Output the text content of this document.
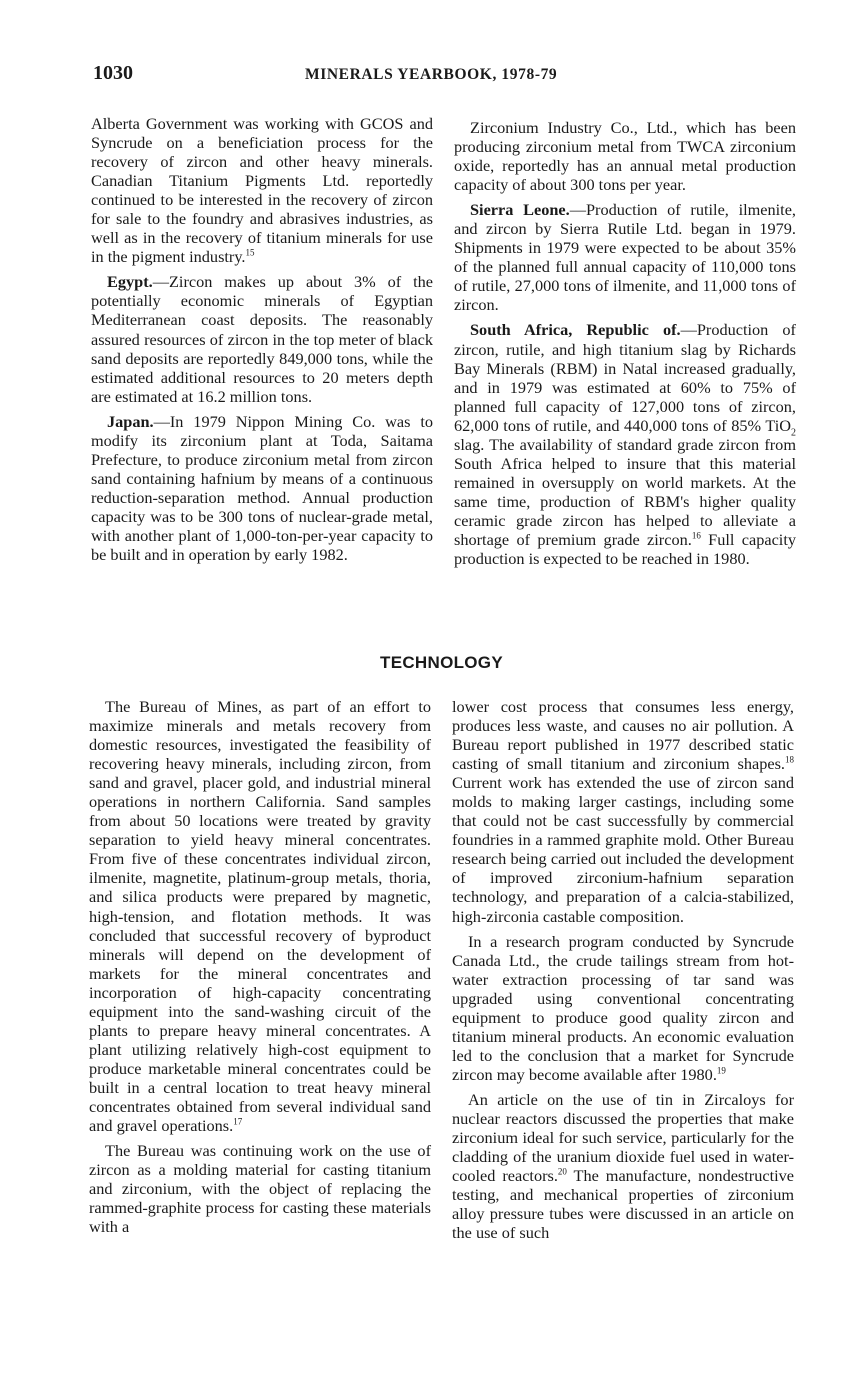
1030	MINERALS YEARBOOK, 1978-79

Alberta Government was working with GCOS and Syncrude on a beneficiation process for the recovery of zircon and other heavy minerals. Canadian Titanium Pigments Ltd. reportedly continued to be interested in the recovery of zircon for sale to the foundry and abrasives industries, as well as in the recovery of titanium minerals for use in the pigment industry.$^{15}$

Egypt.—Zircon makes up about 3% of the potentially economic minerals of Egyptian Mediterranean coast deposits. The reasonably assured resources of zircon in the top meter of black sand deposits are reportedly 849,000 tons, while the estimated additional resources to 20 meters depth are estimated at 16.2 million tons.

Japan.—In 1979 Nippon Mining Co. was to modify its zirconium plant at Toda, Saitama Prefecture, to produce zirconium metal from zircon sand containing hafnium by means of a continuous reduction-separation method. Annual production capacity was to be 300 tons of nuclear-grade metal, with another plant of 1,000-ton-per-year capacity to be built and in operation by early 1982.

Zirconium Industry Co., Ltd., which has been producing zirconium metal from TWCA zirconium oxide, reportedly has an annual metal production capacity of about 300 tons per year.

Sierra Leone.—Production of rutile, ilmenite, and zircon by Sierra Rutile Ltd. began in 1979. Shipments in 1979 were expected to be about 35% of the planned full annual capacity of 110,000 tons of rutile, 27,000 tons of ilmenite, and 11,000 tons of zircon.

South Africa, Republic of.—Production of zircon, rutile, and high titanium slag by Richards Bay Minerals (RBM) in Natal increased gradually, and in 1979 was estimated at 60% to 75% of planned full capacity of 127,000 tons of zircon, 62,000 tons of rutile, and 440,000 tons of 85% TiO$_2$ slag. The availability of standard grade zircon from South Africa helped to insure that this material remained in oversupply on world markets. At the same time, production of RBM's higher quality ceramic grade zircon has helped to alleviate a shortage of premium grade zircon.$^{16}$ Full capacity production is expected to be reached in 1980.

TECHNOLOGY

The Bureau of Mines, as part of an effort to maximize minerals and metals recovery from domestic resources, investigated the feasibility of recovering heavy minerals, including zircon, from sand and gravel, placer gold, and industrial mineral operations in northern California. Sand samples from about 50 locations were treated by gravity separation to yield heavy mineral concentrates. From five of these concentrates individual zircon, ilmenite, magnetite, platinum-group metals, thoria, and silica products were prepared by magnetic, high-tension, and flotation methods. It was concluded that successful recovery of byproduct minerals will depend on the development of markets for the mineral concentrates and incorporation of high-capacity concentrating equipment into the sand-washing circuit of the plants to prepare heavy mineral concentrates. A plant utilizing relatively high-cost equipment to produce marketable mineral concentrates could be built in a central location to treat heavy mineral concentrates obtained from several individual sand and gravel operations.$^{17}$

The Bureau was continuing work on the use of zircon as a molding material for casting titanium and zirconium, with the object of replacing the rammed-graphite process for casting these materials with a

lower cost process that consumes less energy, produces less waste, and causes no air pollution. A Bureau report published in 1977 described static casting of small titanium and zirconium shapes.$^{18}$ Current work has extended the use of zircon sand molds to making larger castings, including some that could not be cast successfully by commercial foundries in a rammed graphite mold. Other Bureau research being carried out included the development of improved zirconium-hafnium separation technology, and preparation of a calcia-stabilized, high-zirconia castable composition.

In a research program conducted by Syncrude Canada Ltd., the crude tailings stream from hot-water extraction processing of tar sand was upgraded using conventional concentrating equipment to produce good quality zircon and titanium mineral products. An economic evaluation led to the conclusion that a market for Syncrude zircon may become available after 1980.19

An article on the use of tin in Zircaloys for nuclear reactors discussed the properties that make zirconium ideal for such service, particularly for the cladding of the uranium dioxide fuel used in water-cooled reactors.$^{20}$ The manufacture, nondestructive testing, and mechanical properties of zirconium alloy pressure tubes were discussed in an article on the use of such
